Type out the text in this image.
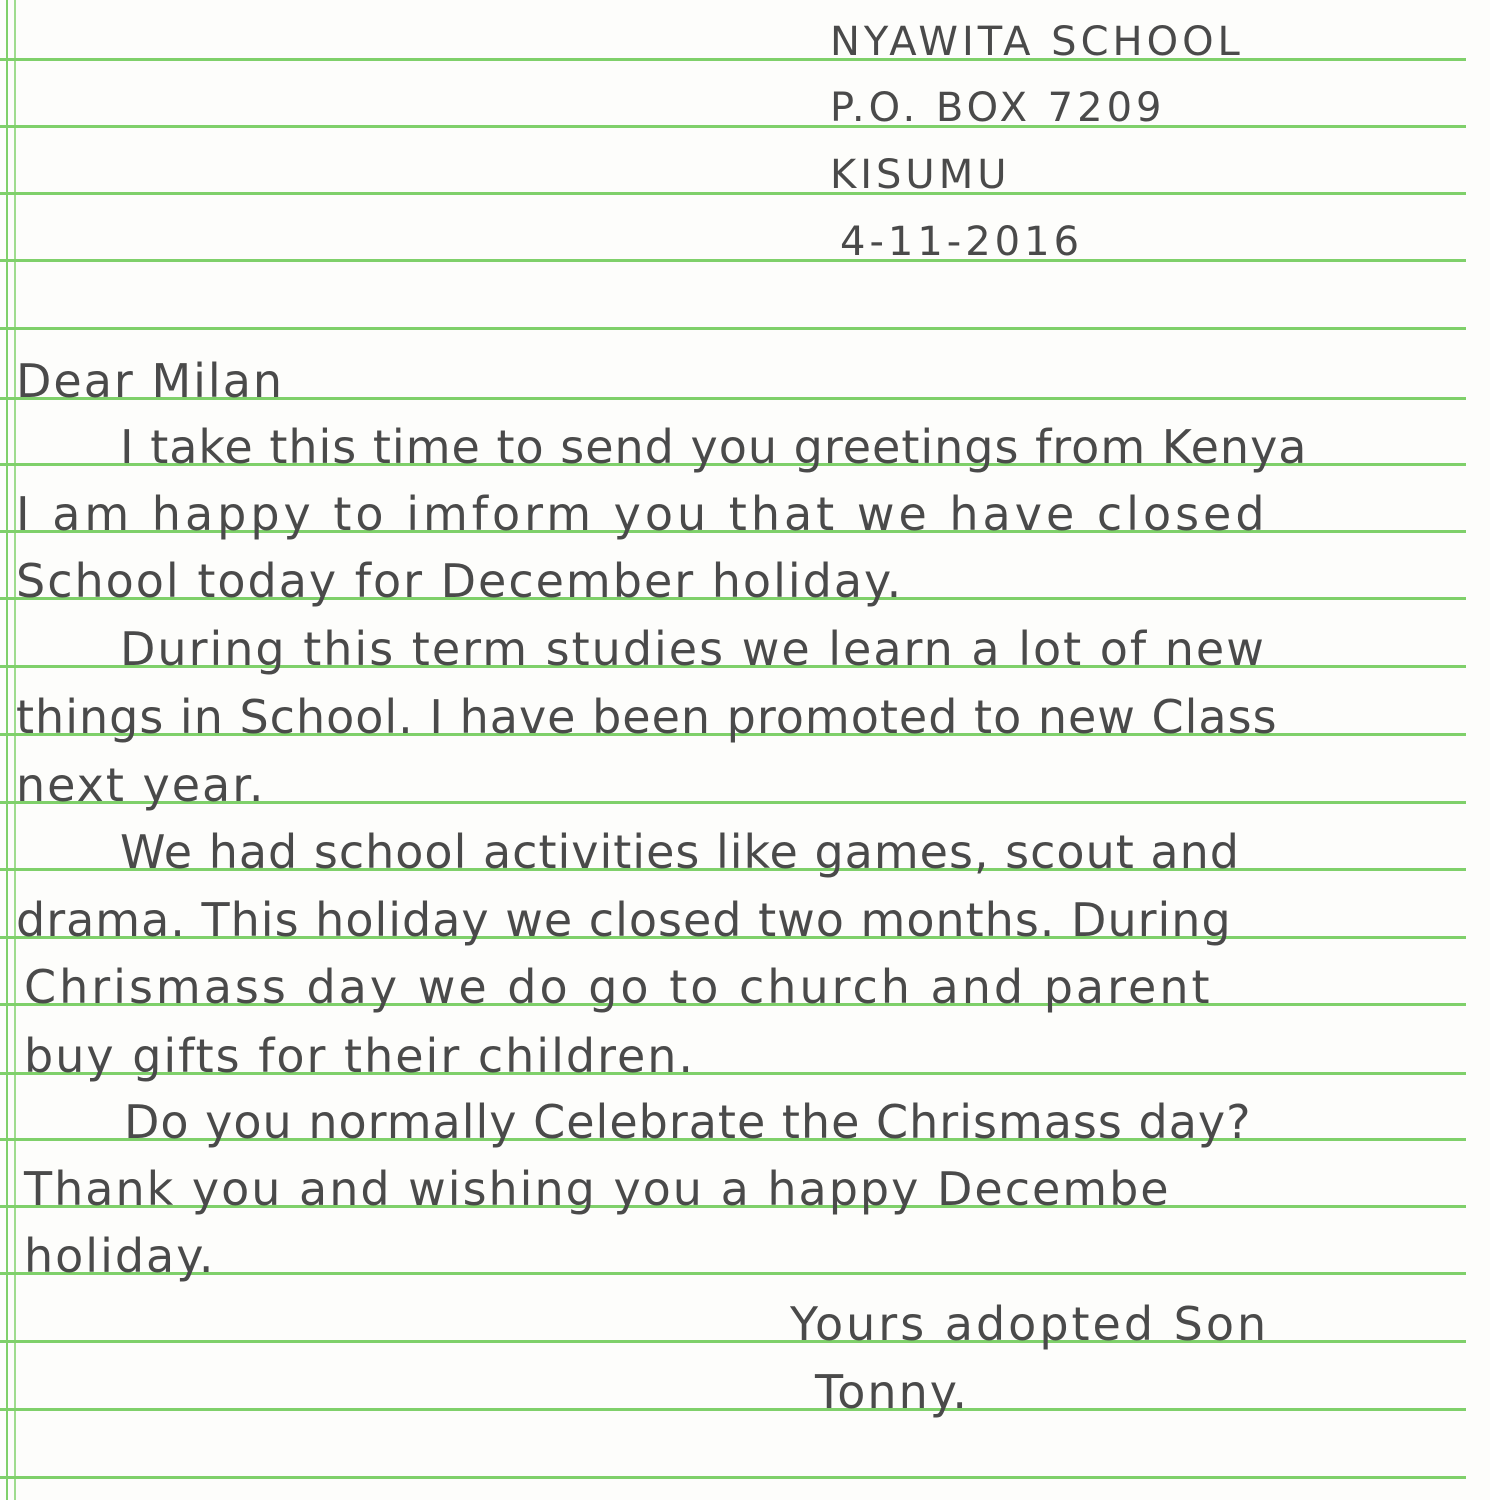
NYAWITA SCHOOL
P.O. BOX 7209
KISUMU
4-11-2016
Dear Milan
I take this time to send you greetings from Kenya
I am happy to imform you that we have closed
School today for December holiday.
During this term studies we learn a lot of new
things in School. I have been promoted to new Class
next year.
We had school activities like games, scout and
drama. This holiday we closed two months. During
Chrismass day we do go to church and parent
buy gifts for their children.
Do you normally Celebrate the Chrismass day?
Thank you and wishing you a happy Decembe
holiday.
Yours adopted Son
Tonny.
